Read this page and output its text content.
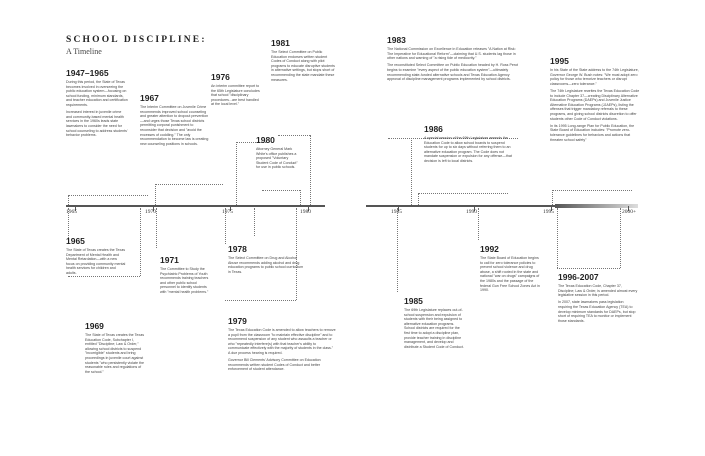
SCHOOL DISCIPLINE:
A Timeline
1965	1970	1975	1980	1985	1990	1995	2000+
1947–1965

During this period, the State of Texas becomes involved in overseeing the public education system—focusing on school funding, minimum standards, and teacher education and certification requirements.

Increased interest in juvenile crime and community-based mental health services in the 1960s leads state lawmakers to consider the need for school counseling to address students' behavior problems.

1967

The Interim Committee on Juvenile Crime recommends improved school counseling and greater attention to dropout prevention—and urges those Texas school districts permitting corporal punishment to reconsider that decision and "avoid the excesses of coddling." The only recommendation to become law is creating new counseling positions in schools.

1976

An interim committee report to the 65th Legislature concludes that school "disciplinary procedures...are best handled at the local level."

1981

The Select Committee on Public Education endorses written student Codes of Conduct along with pilot programs to educate disruptive students in alternative settings, but stops short of recommending the state mandate these measures.

1980

Attorney General Mark White's office publishes a proposed "Voluntary Student Code of Conduct" for use in public schools.

1983

The National Commission on Excellence in Education releases "A Nation at Risk: The Imperative for Educational Reform"—claiming that U.S. students lag those in other nations and warning of "a rising tide of mediocrity."

The reconstituted Select Committee on Public Education headed by H. Ross Perot begins to examine "every aspect of the public education system"—ultimately recommending state-funded alternative schools and Texas Education Agency approval of discipline management programs implemented by school districts.

1986

A special session of the 69th Legislature amends the Education Code to allow school boards to suspend students for up to six days without referring them to an alternative education program. The Code does not mandate suspension or expulsion for any offense—that decision is left to local districts.

1995

In his State of the State address to the 74th Legislature, Governor George W. Bush notes: "We must adopt zero policy for those who terrorize teachers or disrupt classrooms—zero tolerance."

The 74th Legislature rewrites the Texas Education Code to include Chapter 37—creating Disciplinary Alternative Education Programs (DAEPs) and Juvenile Justice Alternative Education Programs (JJAEPs), listing the offenses that trigger mandatory referrals to these programs, and giving school districts discretion to offer students other Code of Conduct violations.

In its 1995 Long-range Plan for Public Education, the State Board of Education includes: "Promote zero-tolerance guidelines for behaviors and actions that threaten school safety"

1965

The State of Texas creates the Texas Department of Mental Health and Mental Retardation—with a new focus on providing community mental health services for children and adults.

1969

The State of Texas creates the Texas Education Code, Subchapter I, entitled "Discipline; Law & Order," allowing school districts to suspend "incorrigible" students and bring proceedings in juvenile court against students "who persistently violate the reasonable rules and regulations of the school."

1971

The Committee to Study the Psychiatric Problems of Youth recommends training teachers and other public school personnel to identify students with "mental health problems."

1978

The Select Committee on Drug and Alcohol Abuse recommends adding alcohol and drug education programs to public school curriculum in Texas.

1979

The Texas Education Code is amended to allow teachers to remove a pupil from the classroom "to maintain effective discipline" and to recommend suspension of any student who assaults a teacher or who "repeatedly interfere(s) with that teacher's ability to communicate effectively with the majority of students in the class." A due process hearing is required.

Governor Bill Clements' Advisory Committee on Education recommends written student Codes of Conduct and better enforcement of student attendance.

1985

The 69th Legislature replaces out-of-school suspension and expulsion of students with their being assigned to alternative education programs. School districts are required for the first time to adopt a discipline plan, provide teacher training in discipline management, and develop and distribute a Student Code of Conduct.

1992

The State Board of Education begins to call for zero tolerance policies to prevent school violence and drug abuse, a shift rooted in the state and national "war on drugs" campaigns of the 1980s and the passage of the federal Gun Free School Zones Act in 1990.

1996-2007

The Texas Education Code, Chapter 37, Discipline; Law & Order, is amended almost every legislative session in this period.

In 2007, state lawmakers pass legislation requiring the Texas Education Agency (TEA) to develop minimum standards for DAEPs, but stop short of requiring TEA to monitor or implement those standards.
